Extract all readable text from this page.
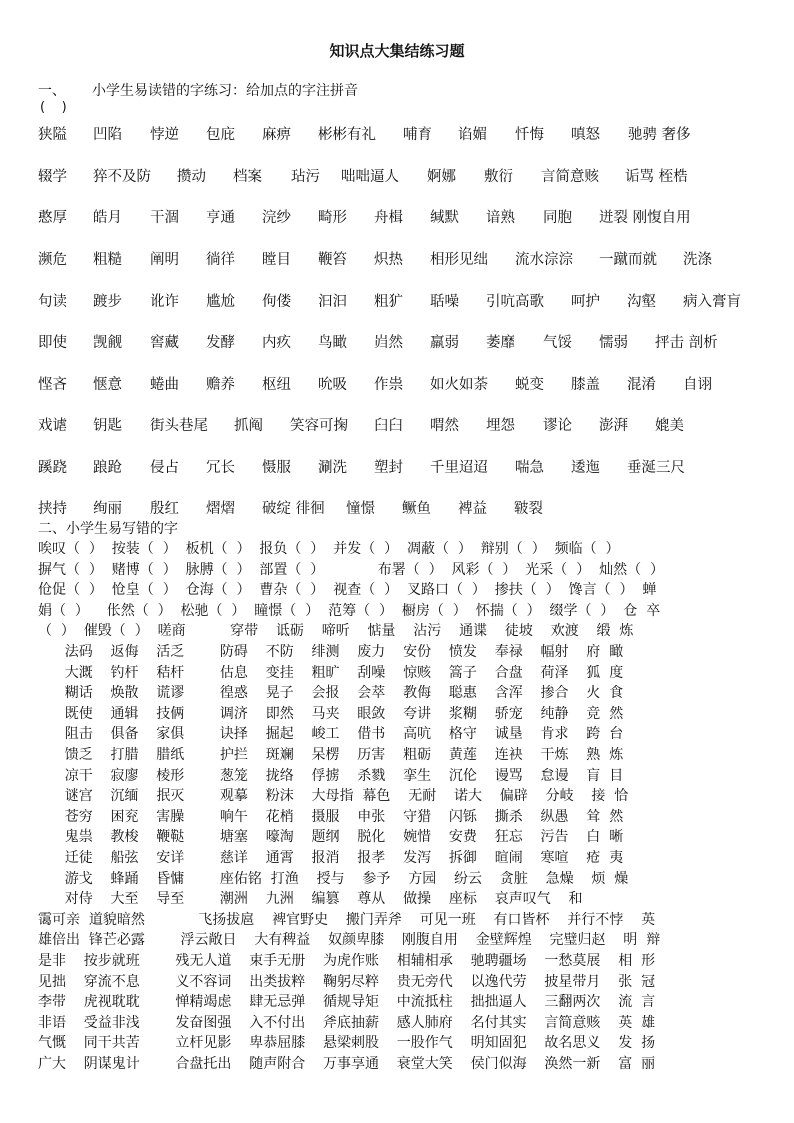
知识点大集结练习题
一、 小学生易读错的字练习：给加点的字注拼音
(    )
狭隘 凹陷 悖逆 包庇 麻痹 彬彬有礼 哺育 谄媚 忏悔 嗔怒 驰骋 奢侈
辍学 猝不及防 攒动 档案 玷污 咄咄逼人 婀娜 敷衍 言简意赅 诟骂 桎梏
憨厚 皓月 干涸 亨通 浣纱 畸形 舟楫 缄默 谙熟 同胞 迸裂 刚愎自用
濒危 粗糙 阐明 徜徉 瞠目 鞭笞 炽热 相形见绌 流水淙淙 一蹴而就 洗涤
句读 踱步 讹诈 尴尬 佝偻 汩汩 粗犷 聒噪 引吭高歌 呵护 沟壑 病入膏肓
即使 觊觎 窖藏 发酵 内疚 鸟瞰 岿然 羸弱 萎靡 气馁 懦弱 抨击 剖析
悭吝 惬意 蜷曲 赡养 枢纽 吮吸 作祟 如火如荼 蜕变 膝盖 混淆 自诩
戏谑 钥匙 街头巷尾 抓阄 笑容可掬 臼臼 喟然 埋怨 谬论 澎湃 媲美
蹊跷 踉跄 侵占 冗长 慑服 涮洗 塑封 千里迢迢 喘急 逶迤 垂涎三尺
挟持 绚丽 殷红 熠熠 破绽 徘徊 憧憬 鳜鱼 裨益 皲裂
二、小学生易写错的字
唉叹（  ）  按装（  ）  板机（  ）  报负（  ）  并发（  ）  凋蔽（  ）  辩别（  ）  频临（  ）
摒气（  ）  赌博（  ）  脉膊（  ）  部置（  ）            布署（  ）  风彩（  ）  光采（  ）  灿然（  ）
伧促（  ）  怆皇（  ）  仓海（  ）  曹杂（  ）  视查（  ）  叉路口（  ）  掺扶（  ）  馋言（  ）  蝉
娟（  ）    伥然（  ）  松驰（  ）  瞳憬（  ）  范筹（  ）  橱房（  ）  怀揣（  ）  缀学（  ）  仓  卒
（  ）  催毁（  ）  嗟商          穿带    诋砺    啼听    惦量    沾污    通谍    徒坡    欢渡    缎  炼
法码    返侮    活乏        防碍    不防    绯测    废力    安份    愤发    奉禄    幅射    府  瞰
大溉    钓杆    秸杆        估息    变挂    粗旷    刮噪    惊赅    篙子    合盘    荷泽    狐  度
糊话    焕散    谎谬        徨惑    晃子    会报    会萃    教侮    聪惠    含浑    掺合    火  食
既使    通辑    技俩        调济    即然    马夹    眼敛    夸讲    浆糊    骄宠    纯静    竞  然
阻击    俱备    家俱        诀择    掘起    峻工    借书    高吭    格守    诚垦    肯求    跨  台
馈乏    打腊    腊纸        护拦    斑斓    呆楞    历害    粗砺    黄莲    连袂    干炼    熟  炼
凉干    寂廖    棱形        葱笼    拢络    俘掳    杀戮    挛生    沉伦    谩骂    怠谩    肓  目
谜宫    沉缅    抿灭        观摹    粉沫    大母指  幕色    无耐    诺大    偏辟    分岐    接  恰
苍穷    困兖    害臊        响午    花梢    摄服    申张    守猎    闪铄    撕杀    纵愚    耸  然
鬼祟    教梭    鞭鞑        塘塞    嚎淘    题纲    脱化    婉惜    安费    狂忘    污告    白  晰
迁徒    船弦    安详        慈详    通霄    报消    报孝    发泻    拆御    暄闹    寒喧    疮  夷
游戈    蜂踊    昏慵        座佑铭  打渔    授与    参予    方园    纷云    贪脏    急燥    烦  燥
对侍    大至    导至        潮洲    九洲    编篡    尊从    做操    座标    哀声叹气    和
霭可亲  道貌暗然            飞扬拔扈    裨官野史    搬门弄斧    可见一班    有口皆杯    并行不悖    英
雄倍出  锋芒必露        浮云敞日    大有稗益    奴颜卑膝    刚腹自用    金壁辉煌    完璧归赵    明  辩
是非    按步就班        残无人道    束手无册    为虎作账    相辅相承    驰聘疆场    一愁莫展    相  形
见拙    穿流不息        义不容词    出类拔粹    鞠躬尽粹    贵无旁代    以逸代劳    披星带月    张  冠
李带    虎视耽耽        惮精竭虑    肆无忌弹    循规导矩    中流抵柱    拙拙逼人    三翻两次    流  言
非语    受益非浅        发奋图强    入不付出    斧底抽薪    感人肺府    名付其实    言简意赅    英  雄
气慨    同干共苦        立杆见影    卑恭屈膝    悬梁刺股    一股作气    明知固犯    故名思义    发  扬
广大    阴谋鬼计        合盘托出    随声附合    万事享通    衰堂大笑    侯门似海    涣然一新    富  丽
